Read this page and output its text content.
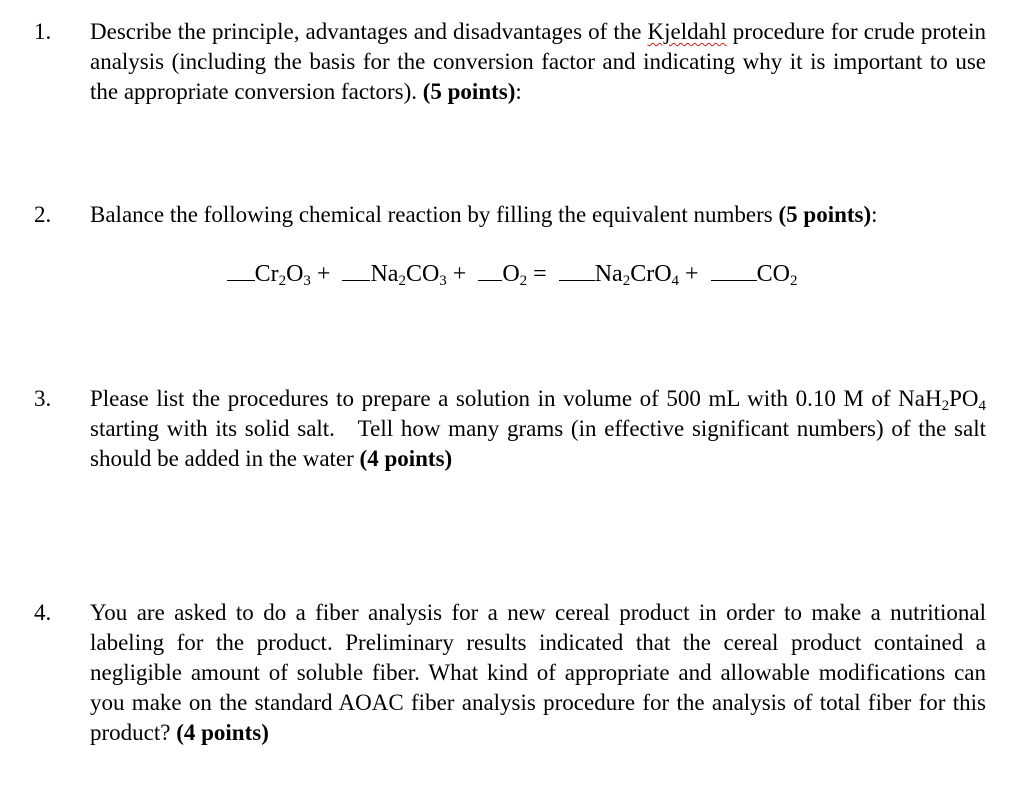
1. Describe the principle, advantages and disadvantages of the Kjeldahl procedure for crude protein analysis (including the basis for the conversion factor and indicating why it is important to use the appropriate conversion factors). (5 points):
2. Balance the following chemical reaction by filling the equivalent numbers (5 points):
$Cr_2O_3 + Na_2CO_3 + O_2 = Na_2CrO_4 + CO_2$
3. Please list the procedures to prepare a solution in volume of 500 mL with 0.10 M of $NaH_2PO_4$ starting with its solid salt.   Tell how many grams (in effective significant numbers) of the salt should be added in the water (4 points)
4. You are asked to do a fiber analysis for a new cereal product in order to make a nutritional labeling for the product. Preliminary results indicated that the cereal product contained a negligible amount of soluble fiber. What kind of appropriate and allowable modifications can you make on the standard AOAC fiber analysis procedure for the analysis of total fiber for this product? (4 points)
